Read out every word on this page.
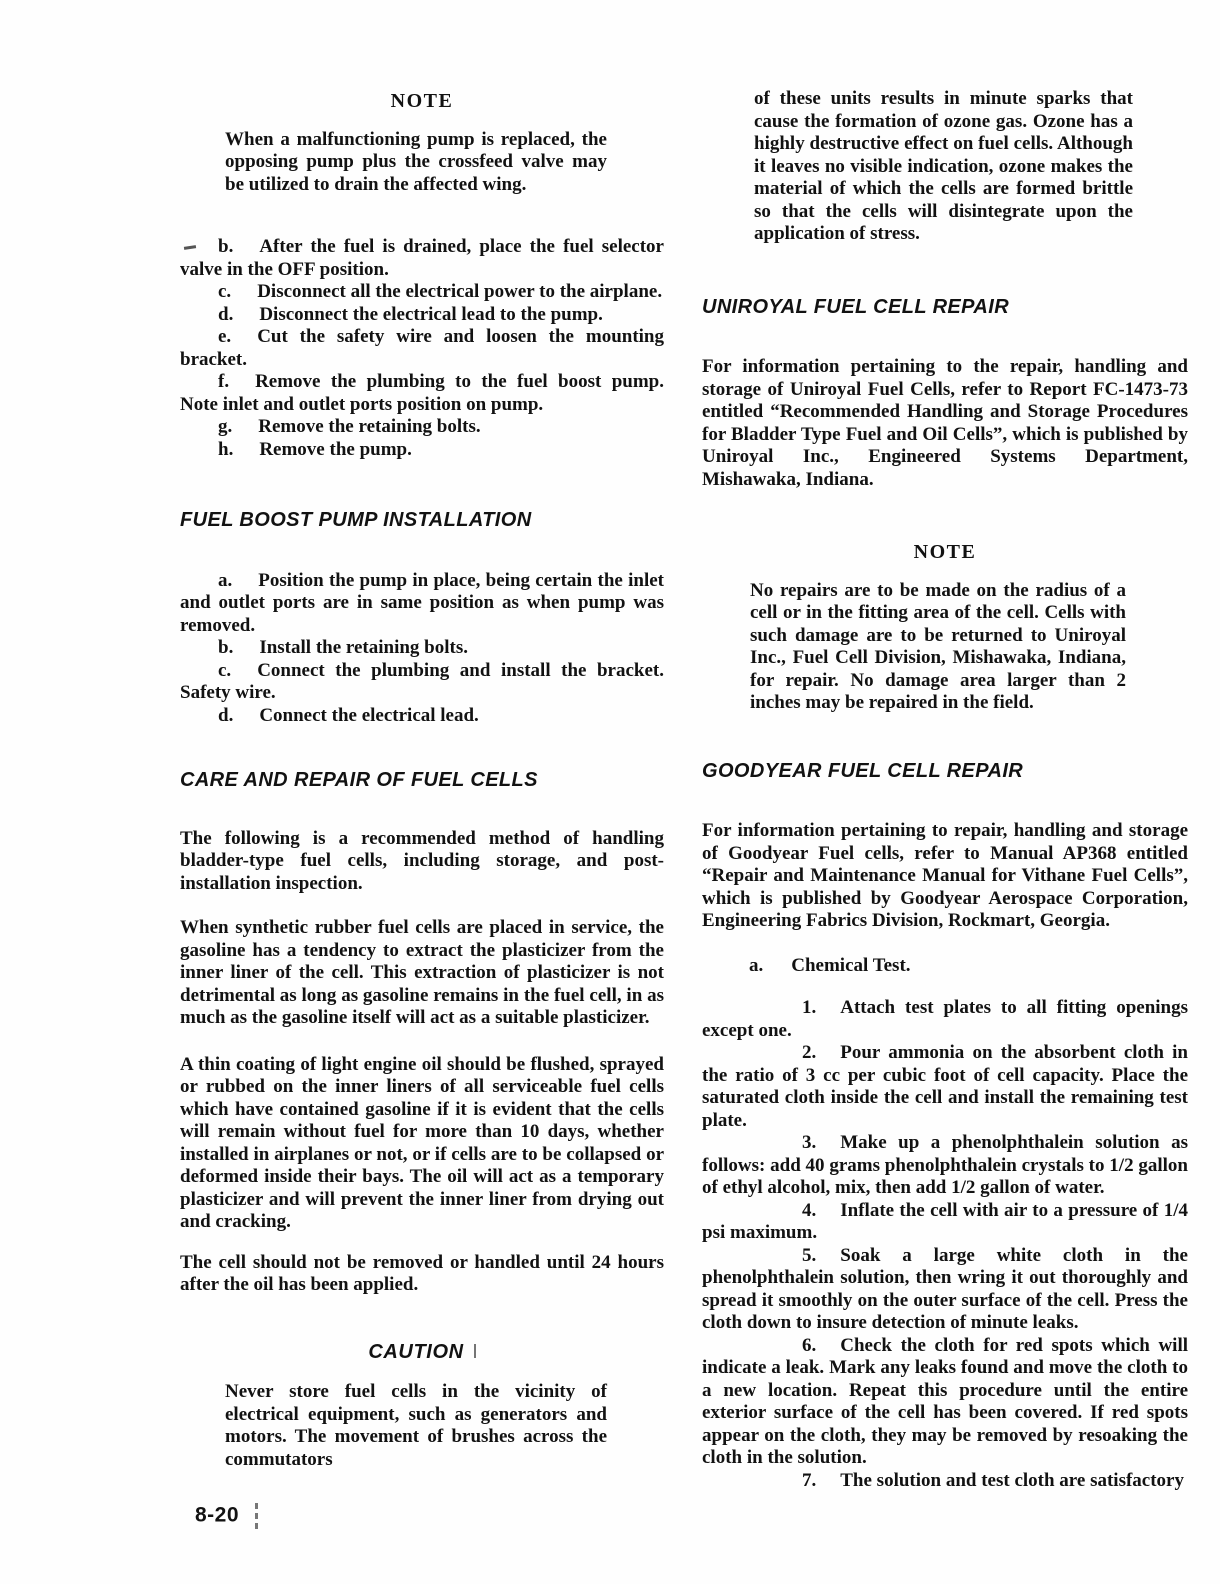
NOTE

When a malfunctioning pump is replaced, the opposing pump plus the crossfeed valve may be utilized to drain the affected wing.

b. After the fuel is drained, place the fuel selector valve in the OFF position.

c. Disconnect all the electrical power to the airplane.

d. Disconnect the electrical lead to the pump.

e. Cut the safety wire and loosen the mounting bracket.

f. Remove the plumbing to the fuel boost pump. Note inlet and outlet ports position on pump.

g. Remove the retaining bolts.

h. Remove the pump.

FUEL BOOST PUMP INSTALLATION

a. Position the pump in place, being certain the inlet and outlet ports are in same position as when pump was removed.

b. Install the retaining bolts.

c. Connect the plumbing and install the bracket. Safety wire.

d. Connect the electrical lead.

CARE AND REPAIR OF FUEL CELLS

The following is a recommended method of handling bladder-type fuel cells, including storage, and post-installation inspection.

When synthetic rubber fuel cells are placed in service, the gasoline has a tendency to extract the plasticizer from the inner liner of the cell. This extraction of plasticizer is not detrimental as long as gasoline remains in the fuel cell, in as much as the gasoline itself will act as a suitable plasticizer.

A thin coating of light engine oil should be flushed, sprayed or rubbed on the inner liners of all serviceable fuel cells which have contained gasoline if it is evident that the cells will remain without fuel for more than 10 days, whether installed in airplanes or not, or if cells are to be collapsed or deformed inside their bays. The oil will act as a temporary plasticizer and will prevent the inner liner from drying out and cracking.

The cell should not be removed or handled until 24 hours after the oil has been applied.

CAUTION

Never store fuel cells in the vicinity of electrical equipment, such as generators and motors. The movement of brushes across the commutators

of these units results in minute sparks that cause the formation of ozone gas. Ozone has a highly destructive effect on fuel cells. Although it leaves no visible indication, ozone makes the material of which the cells are formed brittle so that the cells will disintegrate upon the application of stress.

UNIROYAL FUEL CELL REPAIR

For information pertaining to the repair, handling and storage of Uniroyal Fuel Cells, refer to Report FC-1473-73 entitled “Recommended Handling and Storage Procedures for Bladder Type Fuel and Oil Cells”, which is published by Uniroyal Inc., Engineered Systems Department, Mishawaka, Indiana.

NOTE

No repairs are to be made on the radius of a cell or in the fitting area of the cell. Cells with such damage are to be returned to Uniroyal Inc., Fuel Cell Division, Mishawaka, Indiana, for repair. No damage area larger than 2 inches may be repaired in the field.

GOODYEAR FUEL CELL REPAIR

For information pertaining to repair, handling and storage of Goodyear Fuel cells, refer to Manual AP368 entitled “Repair and Maintenance Manual for Vithane Fuel Cells”, which is published by Goodyear Aerospace Corporation, Engineering Fabrics Division, Rockmart, Georgia.

a. Chemical Test.

1. Attach test plates to all fitting openings except one.

2. Pour ammonia on the absorbent cloth in the ratio of 3 cc per cubic foot of cell capacity. Place the saturated cloth inside the cell and install the remaining test plate.

3. Make up a phenolphthalein solution as follows: add 40 grams phenolphthalein crystals to 1/2 gallon of ethyl alcohol, mix, then add 1/2 gallon of water.

4. Inflate the cell with air to a pressure of 1/4 psi maximum.

5. Soak a large white cloth in the phenolphthalein solution, then wring it out thoroughly and spread it smoothly on the outer surface of the cell. Press the cloth down to insure detection of minute leaks.

6. Check the cloth for red spots which will indicate a leak. Mark any leaks found and move the cloth to a new location. Repeat this procedure until the entire exterior surface of the cell has been covered. If red spots appear on the cloth, they may be removed by resoaking the cloth in the solution.

7. The solution and test cloth are satisfactory

8-20
